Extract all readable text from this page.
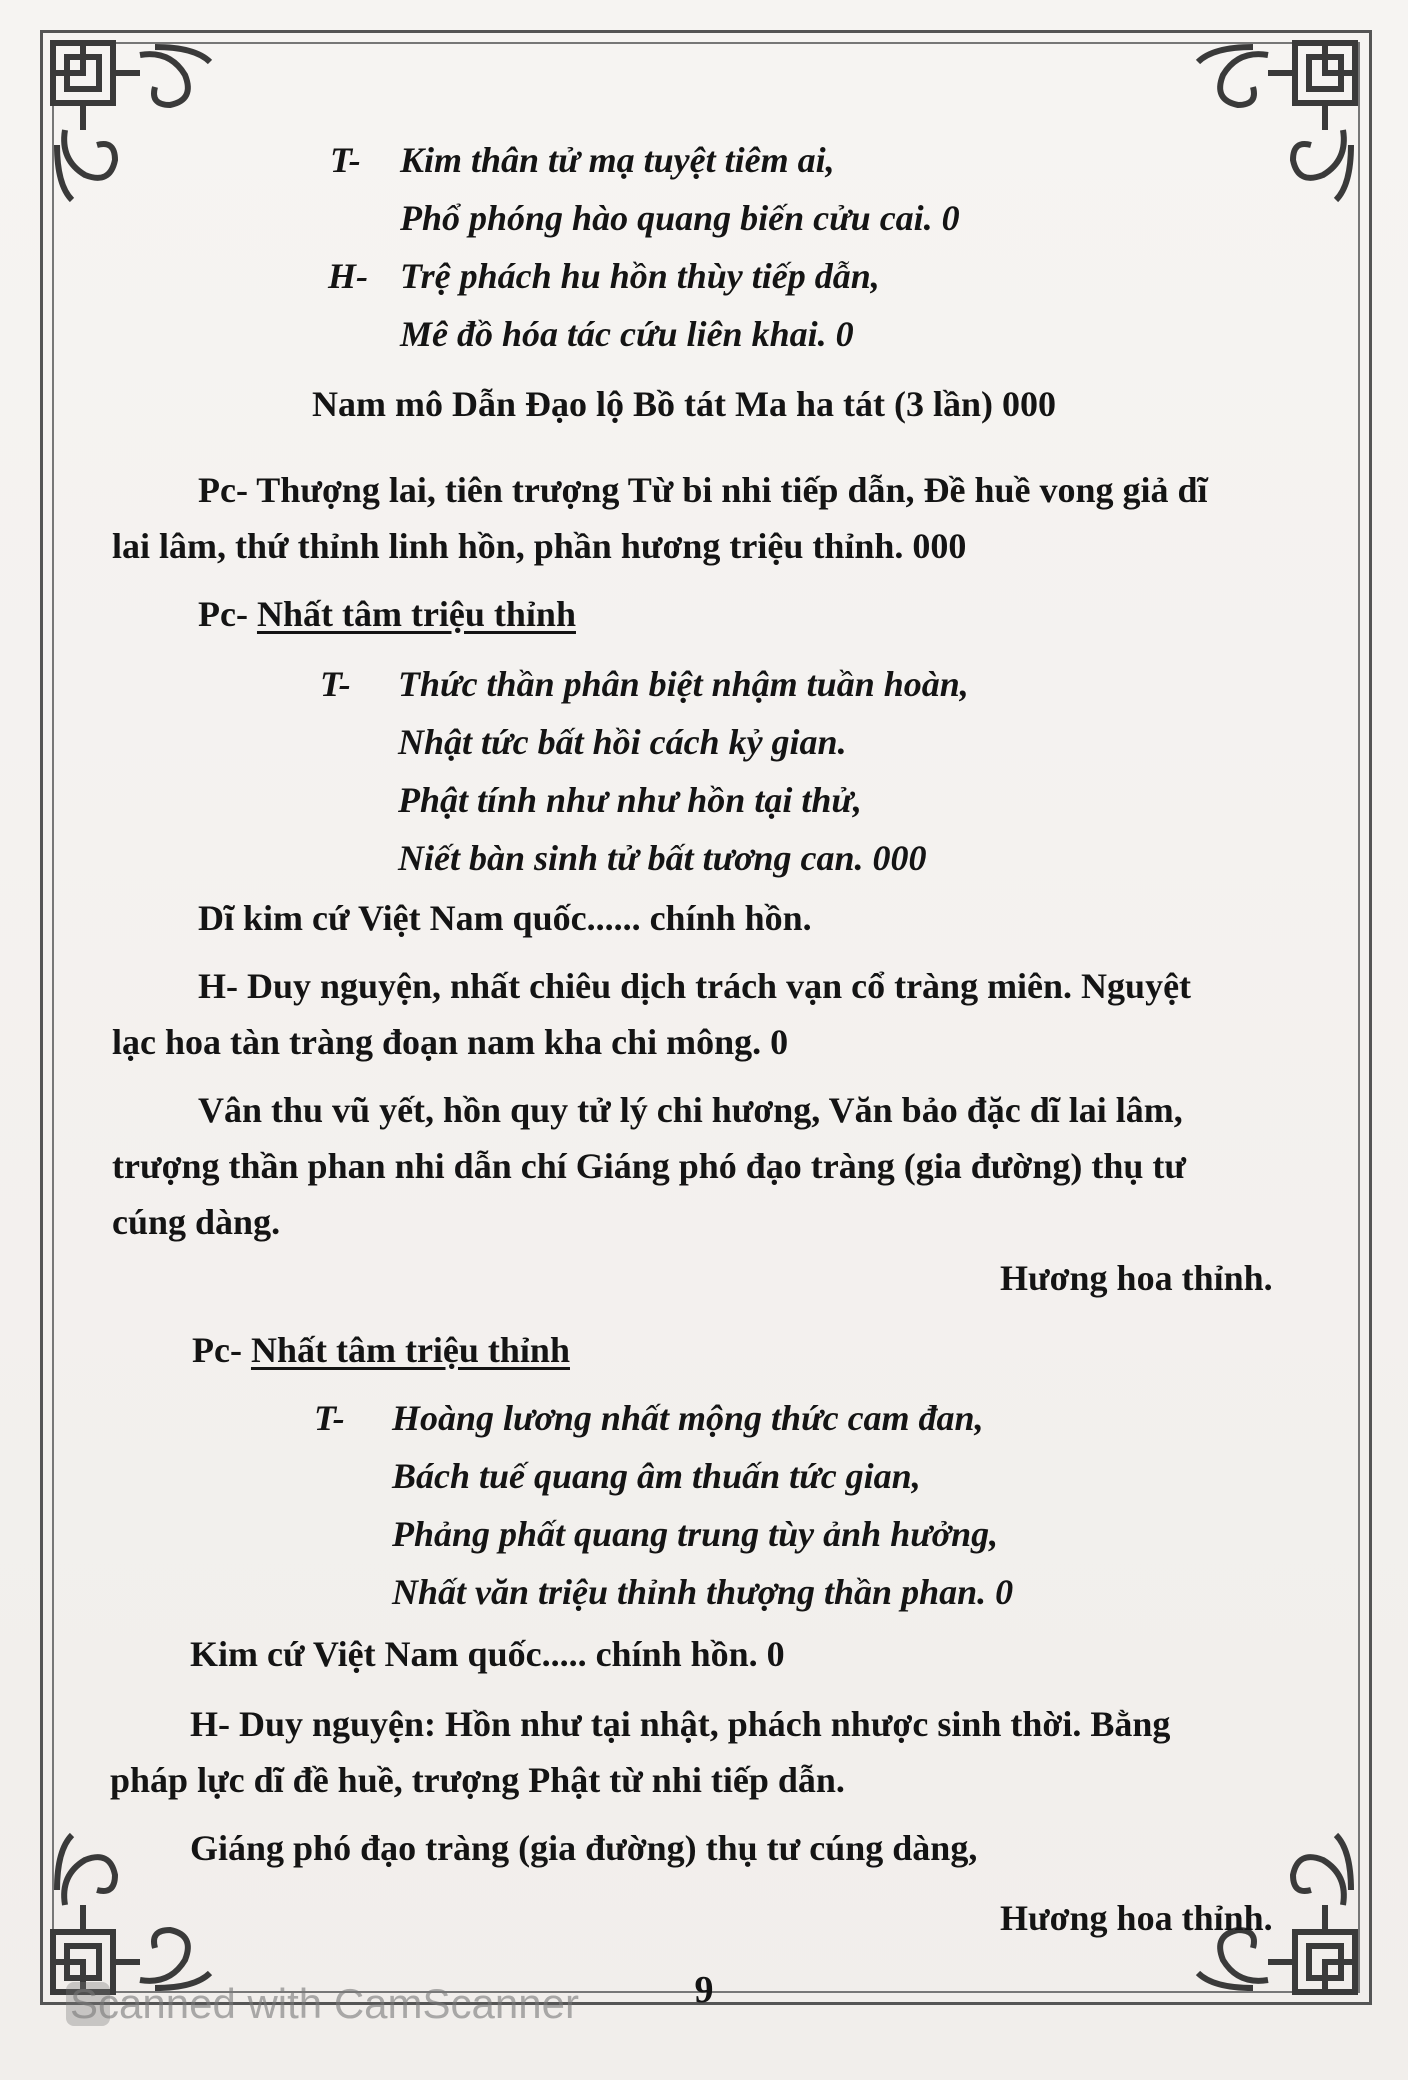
T- Kim thân tử mạ tuyệt tiêm ai,
Phổ phóng hào quang biến cửu cai. 0
H- Trệ phách hu hồn thùy tiếp dẫn,
Mê đồ hóa tác cứu liên khai. 0
Nam mô Dẫn Đạo lộ Bồ tát Ma ha tát (3 lần) 000
Pc- Thượng lai, tiên trượng Từ bi nhi tiếp dẫn, Đề huề vong giả dĩ
lai lâm, thứ thỉnh linh hồn, phần hương triệu thỉnh. 000
Pc- Nhất tâm triệu thỉnh
T- Thức thần phân biệt nhậm tuần hoàn,
Nhật tức bất hồi cách kỷ gian.
Phật tính như như hồn tại thử,
Niết bàn sinh tử bất tương can. 000
Dĩ kim cứ Việt Nam quốc...... chính hồn.
H- Duy nguyện, nhất chiêu dịch trách vạn cổ tràng miên. Nguyệt
lạc hoa tàn tràng đoạn nam kha chi mông. 0
Vân thu vũ yết, hồn quy tử lý chi hương, Văn bảo đặc dĩ lai lâm,
trượng thần phan nhi dẫn chí Giáng phó đạo tràng (gia đường) thụ tư
cúng dàng.
Hương hoa thỉnh.
Pc- Nhất tâm triệu thỉnh
T- Hoàng lương nhất mộng thức cam đan,
Bách tuế quang âm thuấn tức gian,
Phảng phất quang trung tùy ảnh hưởng,
Nhất văn triệu thỉnh thượng thần phan. 0
Kim cứ Việt Nam quốc..... chính hồn. 0
H- Duy nguyện: Hồn như tại nhật, phách nhược sinh thời. Bằng
pháp lực dĩ đề huề, trượng Phật từ nhi tiếp dẫn.
Giáng phó đạo tràng (gia đường) thụ tư cúng dàng,
Hương hoa thỉnh.
9
Scanned with CamScanner
